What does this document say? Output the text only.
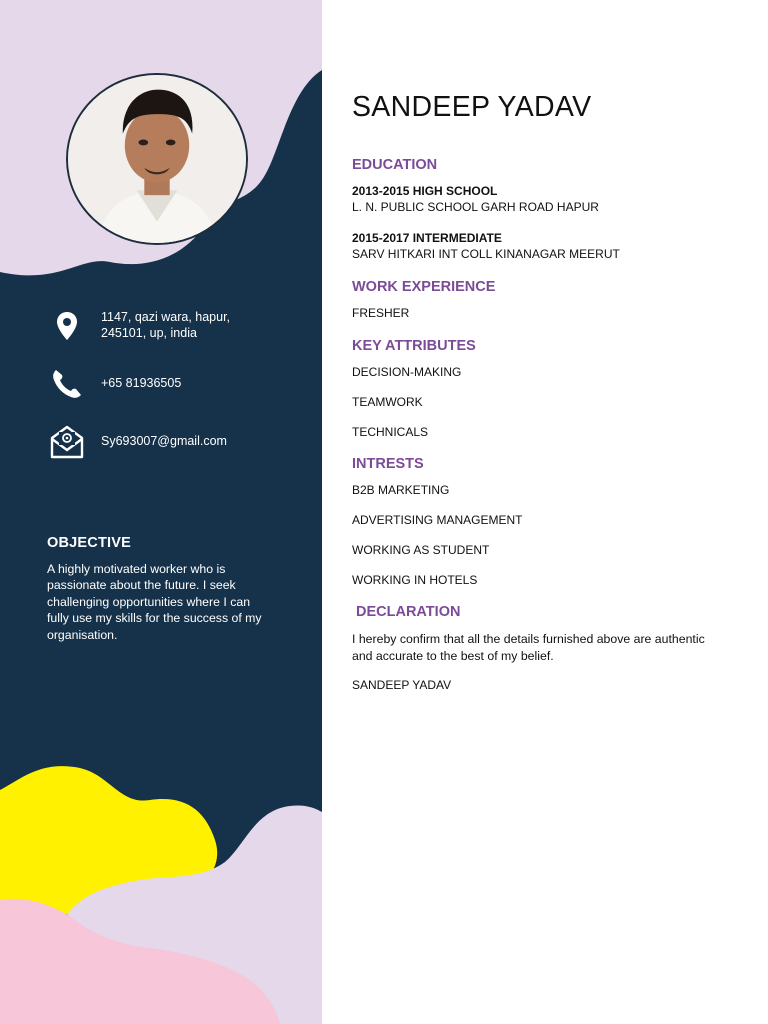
1147, qazi wara, hapur,
245101, up, india
+65 81936505
Sy693007@gmail.com
OBJECTIVE
A highly motivated worker who is passionate about the future. I seek challenging opportunities where I can fully use my skills for the success of my organisation.
SANDEEP YADAV
EDUCATION
2013-2015 HIGH SCHOOL
L. N. PUBLIC SCHOOL GARH ROAD HAPUR
2015-2017 INTERMEDIATE
SARV HITKARI INT COLL KINANAGAR MEERUT
WORK EXPERIENCE
FRESHER
KEY ATTRIBUTES
DECISION-MAKING
TEAMWORK
TECHNICALS
INTRESTS
B2B MARKETING
ADVERTISING MANAGEMENT
WORKING AS STUDENT
WORKING IN HOTELS
DECLARATION
I hereby confirm that all the details furnished above are authentic and accurate to the best of my belief.
SANDEEP YADAV
